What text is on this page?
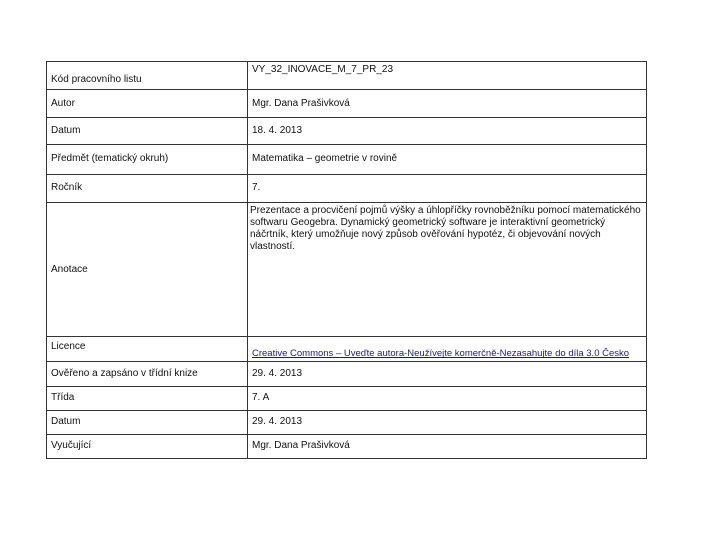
Kód pracovního listu	VY_32_INOVACE_M_7_PR_23
Autor	Mgr. Dana Prašivková
Datum	18. 4. 2013
Předmět (tematický okruh)	Matematika – geometrie v rovině
Ročník	7.
Anotace	Prezentace a procvičení pojmů výšky a úhlopříčky rovnoběžníku pomocí matematického softwaru Geogebra. Dynamický geometrický software je interaktivní geometrický náčrtník, který umožňuje nový způsob ověřování hypotéz, či objevování nových vlastností.
Licence	Creative Commons – Uveďte autora-Neužívejte komerčně-Nezasahujte do díla 3.0 Česko

Ověřeno a zapsáno v třídní knize	29. 4. 2013
Třída	7. A
Datum	29. 4. 2013
Vyučující	Mgr. Dana Prašivková
